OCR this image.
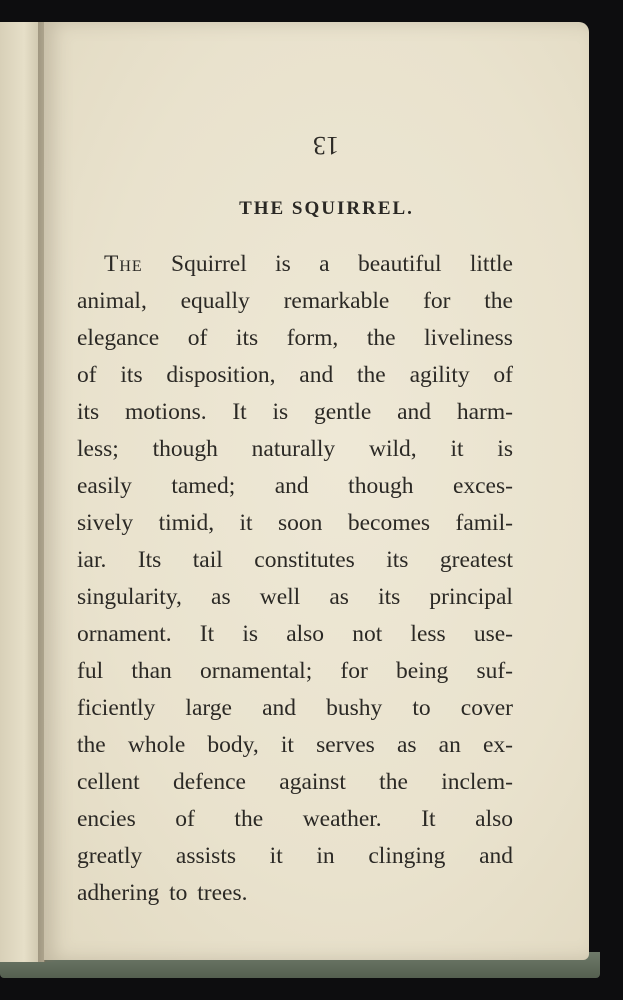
13
THE SQUIRREL.
The Squirrel is a beautiful little
animal, equally remarkable for the
elegance of its form, the liveliness
of its disposition, and the agility of
its motions. It is gentle and harm-
less; though naturally wild, it is
easily tamed; and though exces-
sively timid, it soon becomes famil-
iar. Its tail constitutes its greatest
singularity, as well as its principal
ornament. It is also not less use-
ful than ornamental; for being suf-
ficiently large and bushy to cover
the whole body, it serves as an ex-
cellent defence against the inclem-
encies of the weather. It also
greatly assists it in clinging and
adhering
to
trees.
